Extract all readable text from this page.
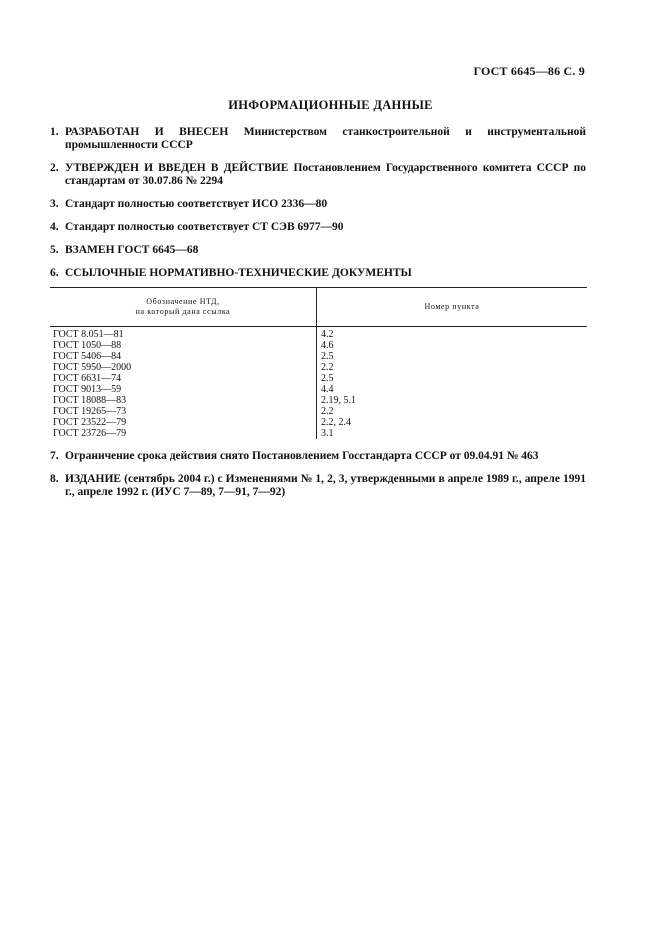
ГОСТ 6645—86 С. 9
ИНФОРМАЦИОННЫЕ ДАННЫЕ
1. РАЗРАБОТАН И ВНЕСЕН Министерством станкостроительной и инструментальной промышленности СССР
2. УТВЕРЖДЕН И ВВЕДЕН В ДЕЙСТВИЕ Постановлением Государственного комитета СССР по стандартам от 30.07.86 № 2294
3. Стандарт полностью соответствует ИСО 2336—80
4. Стандарт полностью соответствует СТ СЭВ 6977—90
5. ВЗАМЕН ГОСТ 6645—68
6. ССЫЛОЧНЫЕ НОРМАТИВНО-ТЕХНИЧЕСКИЕ ДОКУМЕНТЫ
Обозначение НТД,
на который дана ссылка	Номер пункта
ГОСТ 8.051—81	4.2
ГОСТ 1050—88	4.6
ГОСТ 5406—84	2.5
ГОСТ 5950—2000	2.2
ГОСТ 6631—74	2.5
ГОСТ 9013—59	4.4
ГОСТ 18088—83	2.19, 5.1
ГОСТ 19265—73	2.2
ГОСТ 23522—79	2.2, 2.4
ГОСТ 23726—79	3.1
7. Ограничение срока действия снято Постановлением Госстандарта СССР от 09.04.91 № 463
8. ИЗДАНИЕ (сентябрь 2004 г.) с Изменениями № 1, 2, 3, утвержденными в апреле 1989 г., апреле 1991 г., апреле 1992 г. (ИУС 7—89, 7—91, 7—92)
